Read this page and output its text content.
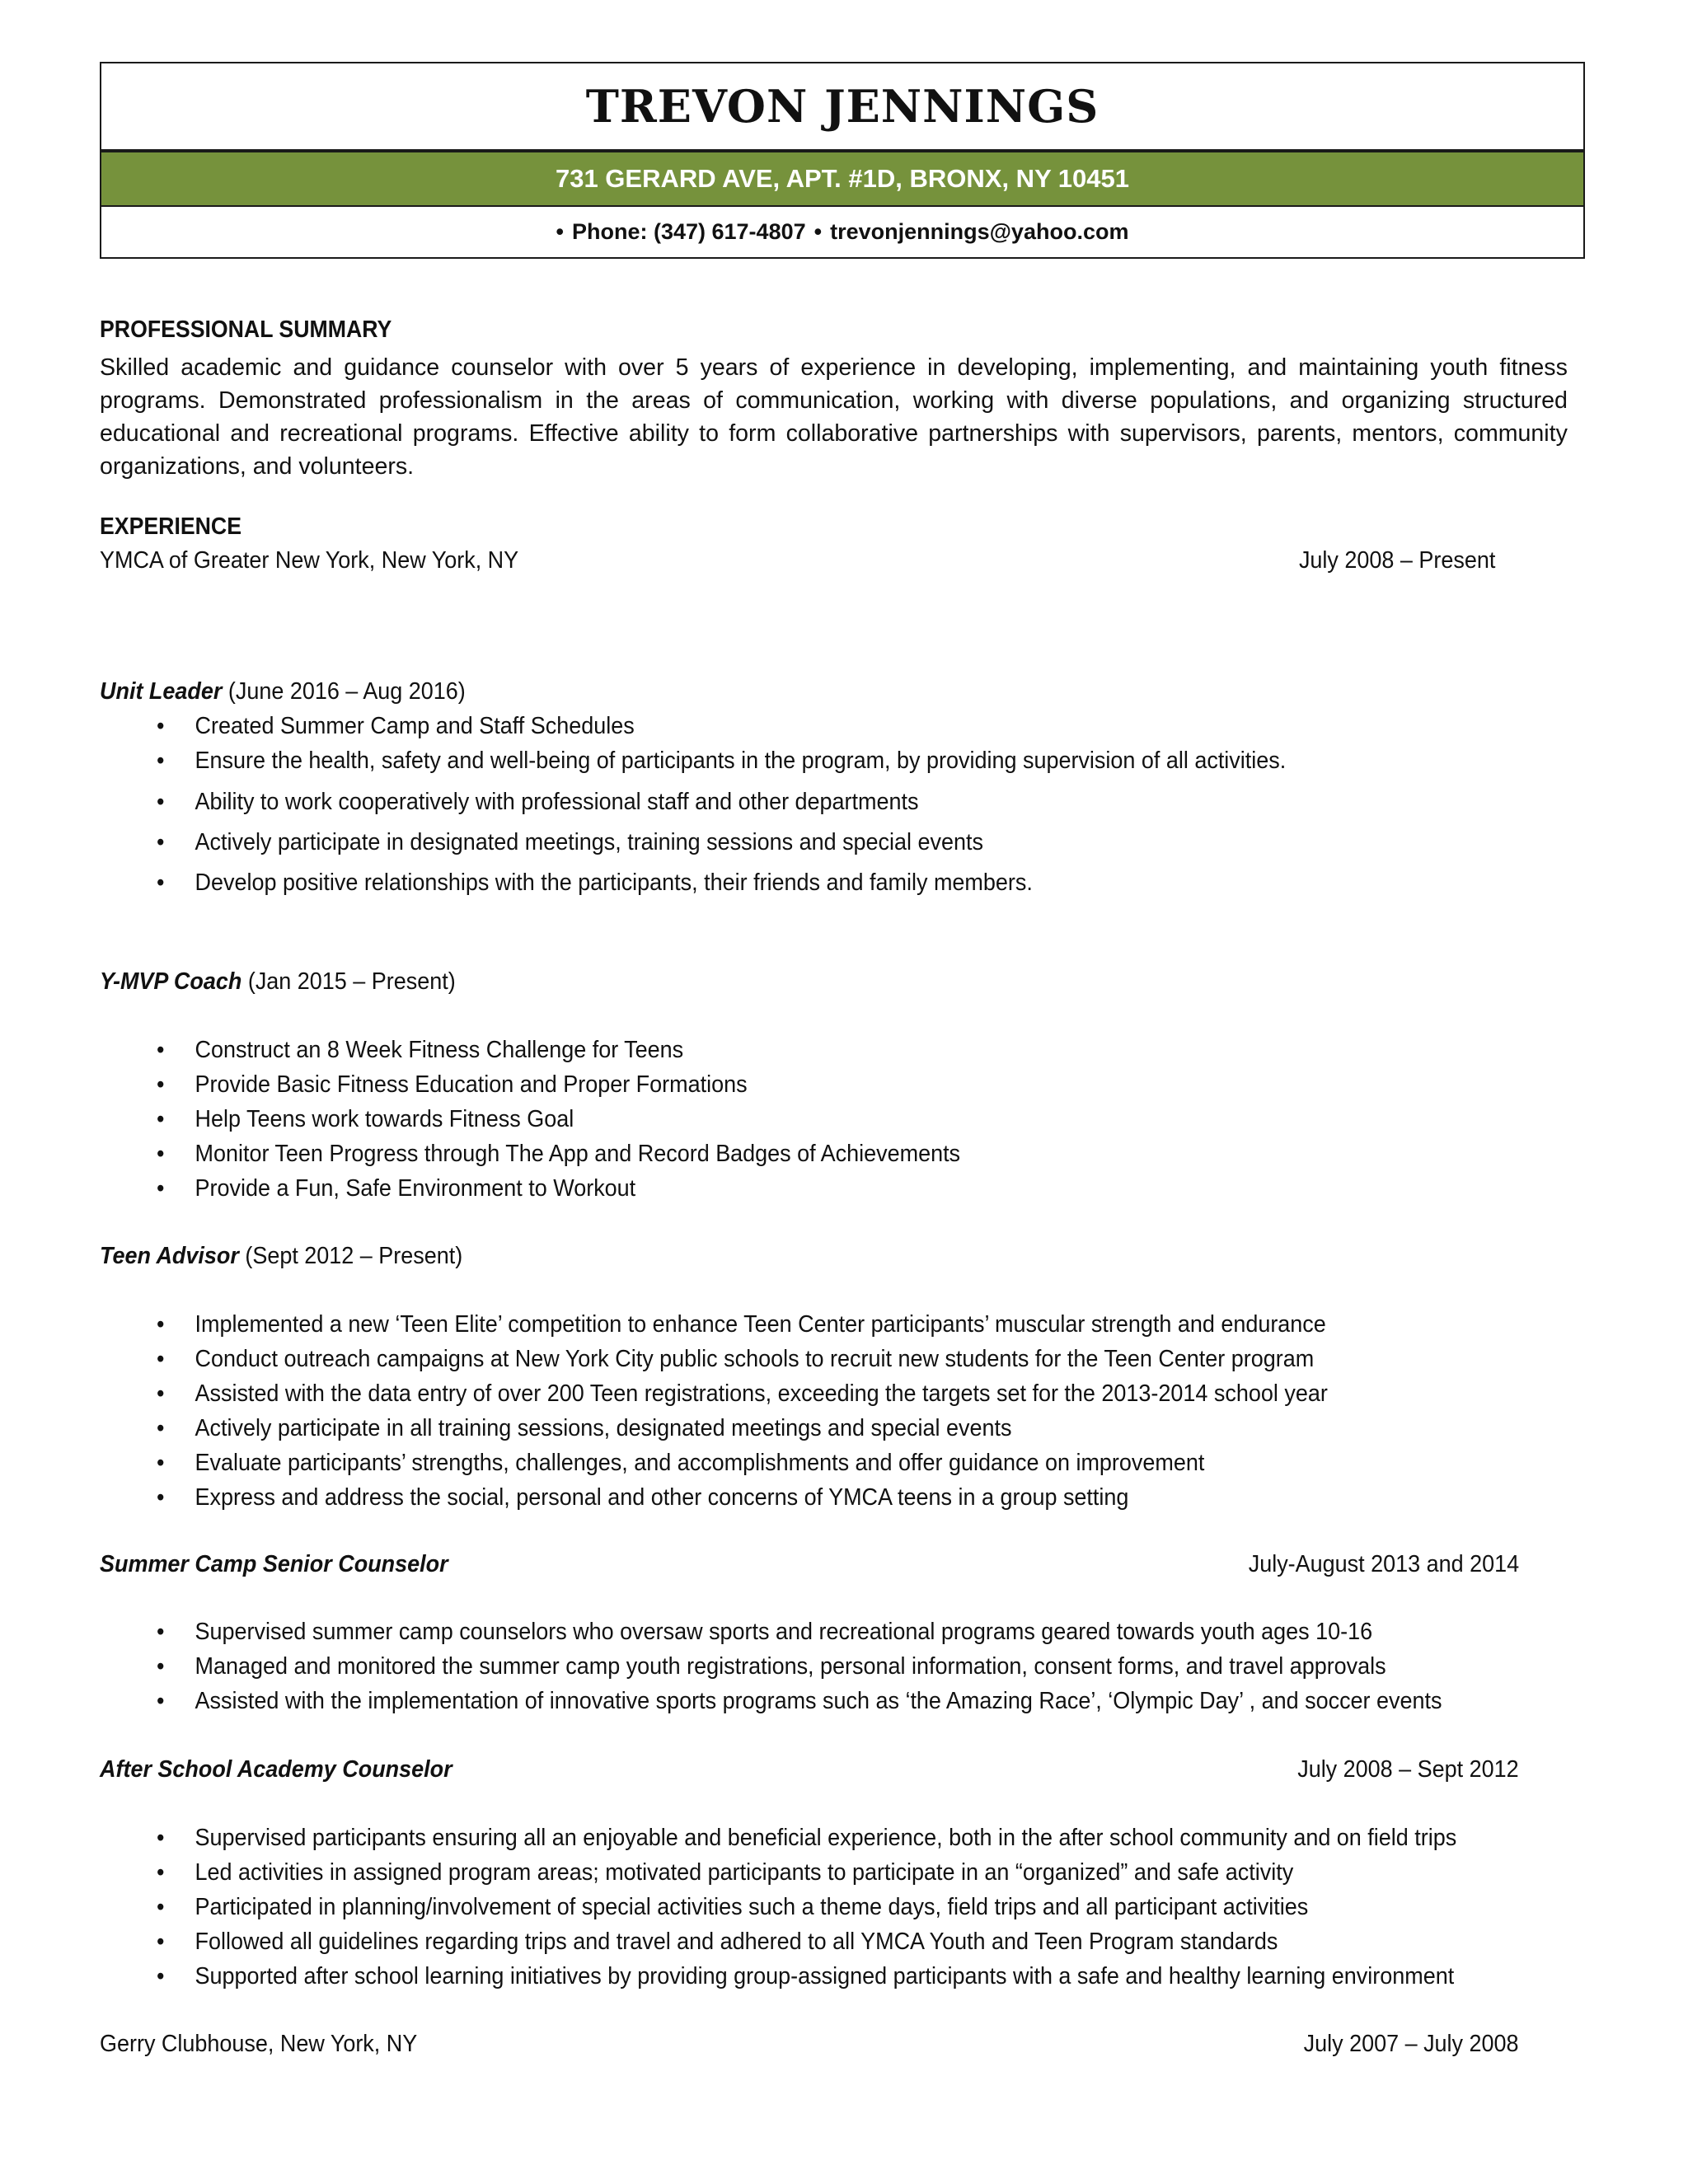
TREVON JENNINGS
731 GERARD AVE, APT. #1D, BRONX, NY 10451
• Phone: (347) 617-4807 • trevonjennings@yahoo.com
PROFESSIONAL SUMMARY
Skilled academic and guidance counselor with over 5 years of experience in developing, implementing, and maintaining youth fitness programs. Demonstrated professionalism in the areas of communication, working with diverse populations, and organizing structured educational and recreational programs. Effective ability to form collaborative partnerships with supervisors, parents, mentors, community organizations, and volunteers.
EXPERIENCE
YMCA of Greater New York, New York, NY	July 2008 – Present
Unit Leader (June 2016 – Aug 2016)
• Created Summer Camp and Staff Schedules
• Ensure the health, safety and well-being of participants in the program, by providing supervision of all activities.
• Ability to work cooperatively with professional staff and other departments
• Actively participate in designated meetings, training sessions and special events
• Develop positive relationships with the participants, their friends and family members.
Y-MVP Coach (Jan 2015 – Present)
• Construct an 8 Week Fitness Challenge for Teens
• Provide Basic Fitness Education and Proper Formations
• Help Teens work towards Fitness Goal
• Monitor Teen Progress through The App and Record Badges of Achievements
• Provide a Fun, Safe Environment to Workout
Teen Advisor (Sept 2012 – Present)
• Implemented a new ‘Teen Elite’ competition to enhance Teen Center participants’ muscular strength and endurance
• Conduct outreach campaigns at New York City public schools to recruit new students for the Teen Center program
• Assisted with the data entry of over 200 Teen registrations, exceeding the targets set for the 2013-2014 school year
• Actively participate in all training sessions, designated meetings and special events
• Evaluate participants’ strengths, challenges, and accomplishments and offer guidance on improvement
• Express and address the social, personal and other concerns of YMCA teens in a group setting
Summer Camp Senior Counselor	July-August 2013 and 2014
• Supervised summer camp counselors who oversaw sports and recreational programs geared towards youth ages 10-16
• Managed and monitored the summer camp youth registrations, personal information, consent forms, and travel approvals
• Assisted with the implementation of innovative sports programs such as ‘the Amazing Race’, ‘Olympic Day’ , and soccer events
After School Academy Counselor	July 2008 – Sept 2012
• Supervised participants ensuring all an enjoyable and beneficial experience, both in the after school community and on field trips
• Led activities in assigned program areas; motivated participants to participate in an “organized” and safe activity
• Participated in planning/involvement of special activities such a theme days, field trips and all participant activities
• Followed all guidelines regarding trips and travel and adhered to all YMCA Youth and Teen Program standards
• Supported after school learning initiatives by providing group-assigned participants with a safe and healthy learning environment
Gerry Clubhouse, New York, NY	July 2007 – July 2008
